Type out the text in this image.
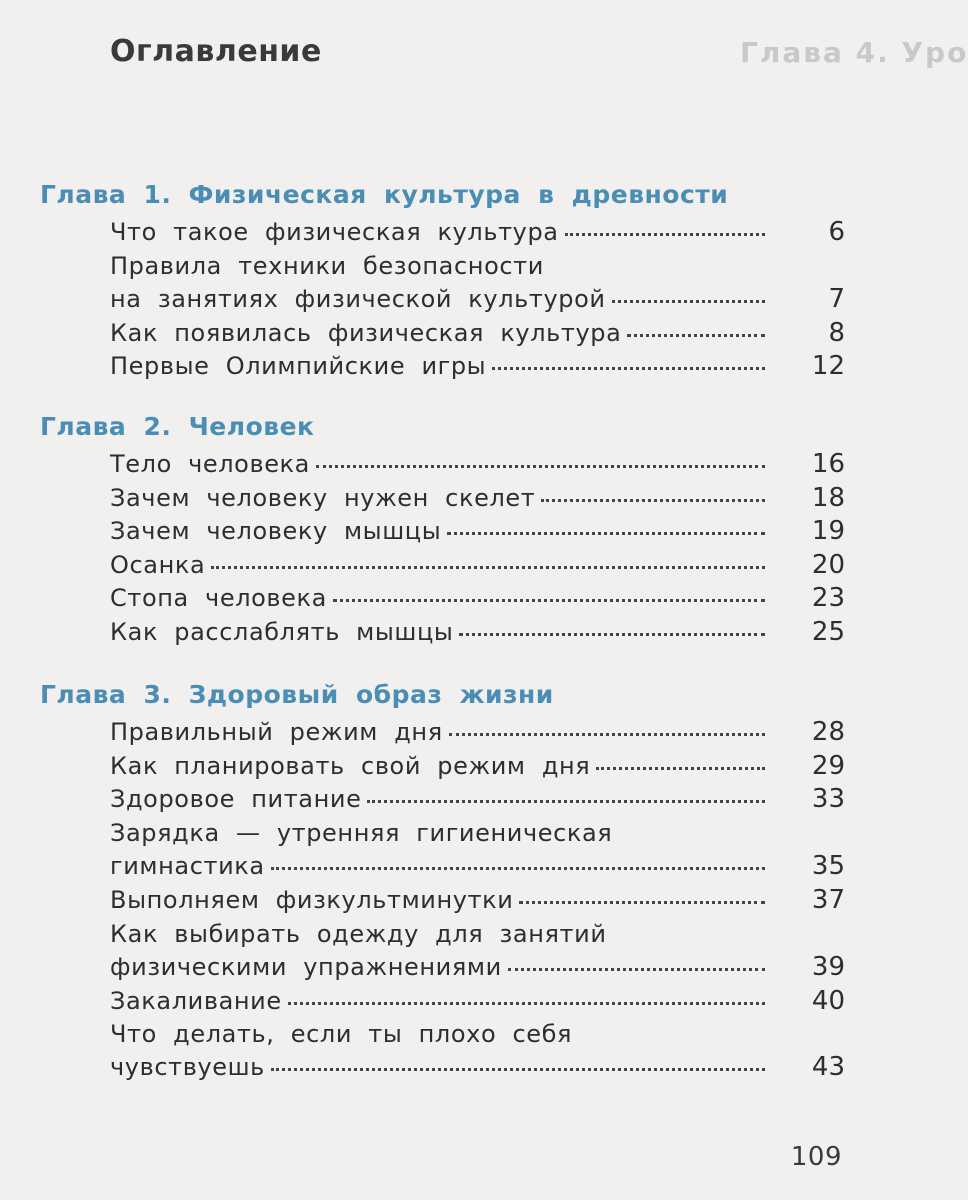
Глава 4. Уро
Оглавление
Глава 1. Физическая культура в древности
Что такое физическая культура	6
Правила техники безопасности
на занятиях физической культурой	7
Как появилась физическая культура	8
Первые Олимпийские игры	12
Глава 2. Человек
Тело человека	16
Зачем человеку нужен скелет	18
Зачем человеку мышцы	19
Осанка	20
Стопа человека	23
Как расслаблять мышцы	25
Глава 3. Здоровый образ жизни
Правильный режим дня	28
Как планировать свой режим дня	29
Здоровое питание	33
Зарядка — утренняя гигиеническая
гимнастика	35
Выполняем физкультминутки	37
Как выбирать одежду для занятий
физическими упражнениями	39
Закаливание	40
Что делать, если ты плохо себя
чувствуешь	43
109
